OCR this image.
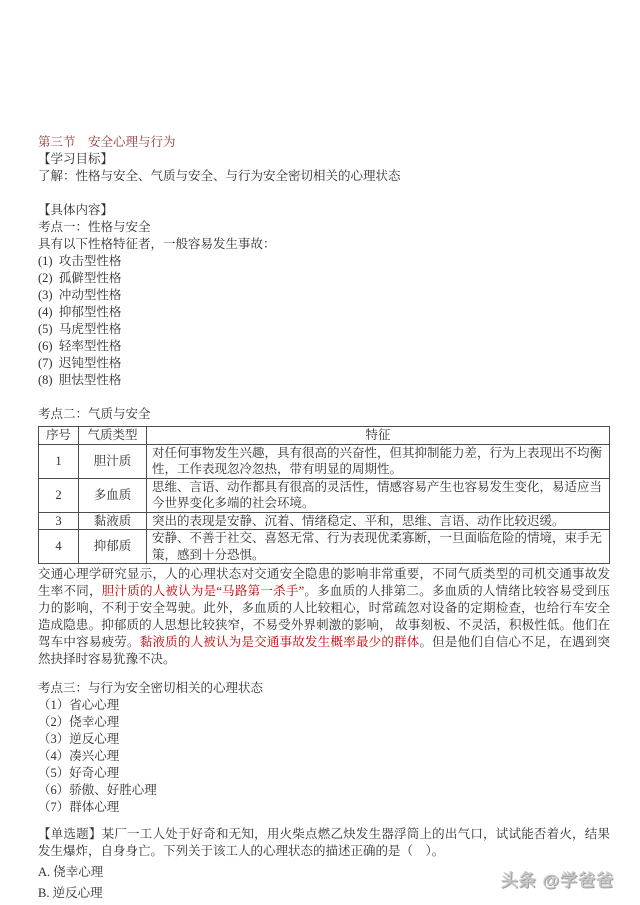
第三节　安全心理与行为
【学习目标】
了解：性格与安全、气质与安全、与行为安全密切相关的心理状态
【具体内容】
考点一：性格与安全
具有以下性格特征者，一般容易发生事故：
(1)  攻击型性格
(2)  孤僻型性格
(3)  冲动型性格
(4)  抑郁型性格
(5)  马虎型性格
(6)  轻率型性格
(7)  迟钝型性格
(8)  胆怯型性格
考点二：气质与安全
序号	气质类型	特征
1	胆汁质	对任何事物发生兴趣，具有很高的兴奋性，但其抑制能力差，行为上表现出不均衡性，工作表现忽冷忽热，带有明显的周期性。
2	多血质	思维、言语、动作都具有很高的灵活性，情感容易产生也容易发生变化，易适应当今世界变化多端的社会环境。
3	黏液质	突出的表现是安静、沉着、情绪稳定、平和，思维、言语、动作比较迟缓。
4	抑郁质	安静、不善于社交、喜怒无常、行为表现优柔寡断，一旦面临危险的情境，束手无策，感到十分恐惧。
交通心理学研究显示，人的心理状态对交通安全隐患的影响非常重要，不同气质类型的司机交通事故发生率不同，胆汁质的人被认为是“马路第一杀手”。多血质的人排第二。多血质的人情绪比较容易受到压力的影响，不利于安全驾驶。此外，多血质的人比较粗心，时常疏忽对设备的定期检查，也给行车安全造成隐患。抑郁质的人思想比较狭窄，不易受外界刺激的影响， 故事刻板、不灵活，积极性低。他们在驾车中容易疲劳。黏液质的人被认为是交通事故发生概率最少的群体。但是他们自信心不足，在遇到突然抉择时容易犹豫不决。
考点三：与行为安全密切相关的心理状态
（1）省心心理
（2）侥幸心理
（3）逆反心理
（4）凑兴心理
（5）好奇心理
（6）骄傲、好胜心理
（7）群体心理
【单选题】某厂一工人处于好奇和无知，用火柴点燃乙炔发生器浮筒上的出气口，试试能否着火，结果发生爆炸，自身身亡。下列关于该工人的心理状态的描述正确的是（　）。
A. 侥幸心理
B. 逆反心理
头条 @学爸爸
